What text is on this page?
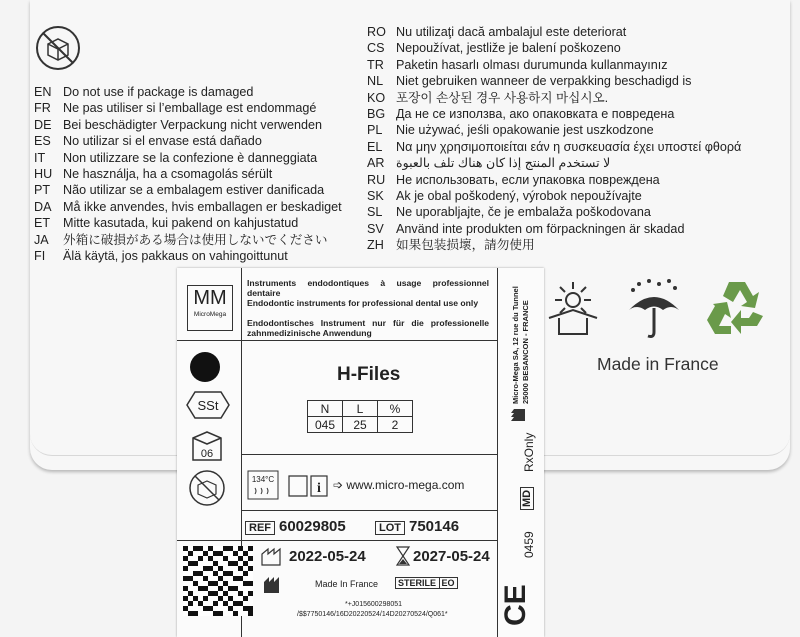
EN Do not use if package is damaged
FR Ne pas utiliser si l’emballage est endommagé
DE Bei beschädigter Verpackung nicht verwenden
ES No utilizar si el envase está dañado
IT Non utilizzare se la confezione è danneggiata
HU Ne használja, ha a csomagolás sérült
PT Não utilizar se a embalagem estiver danificada
DA Må ikke anvendes, hvis emballagen er beskadiget
ET Mitte kasutada, kui pakend on kahjustatud
JA 外箱に破損がある場合は使用しないでください
FI Älä käytä, jos pakkaus on vahingoittunut
RO Nu utilizaţi dacă ambalajul este deteriorat
CS Nepoužívat, jestliže je balení poškozeno
TR Paketin hasarlı olması durumunda kullanmayınız
NL Niet gebruiken wanneer de verpakking beschadigd is
KO 포장이 손상된 경우 사용하지 마십시오.
BG Да не се използва, ако опаковката е повредена
PL Nie używać, jeśli opakowanie jest uszkodzone
EL Να μην χρησιμοποιείται εάν η συσκευασία έχει υποστεί φθορά
AR لا تستخدم المنتج إذا كان هناك تلف بالعبوة
RU Не использовать, если упаковка повреждена
SK Ak je obal poškodený, výrobok nepoužívajte
SL Ne uporabljajte, če je embalaža poškodovana
SV Använd inte produkten om förpackningen är skadad
ZH 如果包装损壞，請勿使用
Made in France
MM
MicroMega
Instruments endodontiques à usage professionnel dentaire
Endodontic instruments for professional dental use only
Endodontisches Instrument nur für die professionelle zahnmedizinische Anwendung
SSt
06
H-Files
N	L	%
045	25	2
134°C
i ➩ www.micro-mega.com
REF 60029805	LOT 750146
2022-05-24	2027-05-24
Made In France	STERILE EO
*+J015600298051
/$$7750146/16D20220524/14D20270524/Q061*
Micro-Mega SA, 12 rue du Tunnel 25000 BESANCON - FRANCE
RxOnly
MD
0459
CE
